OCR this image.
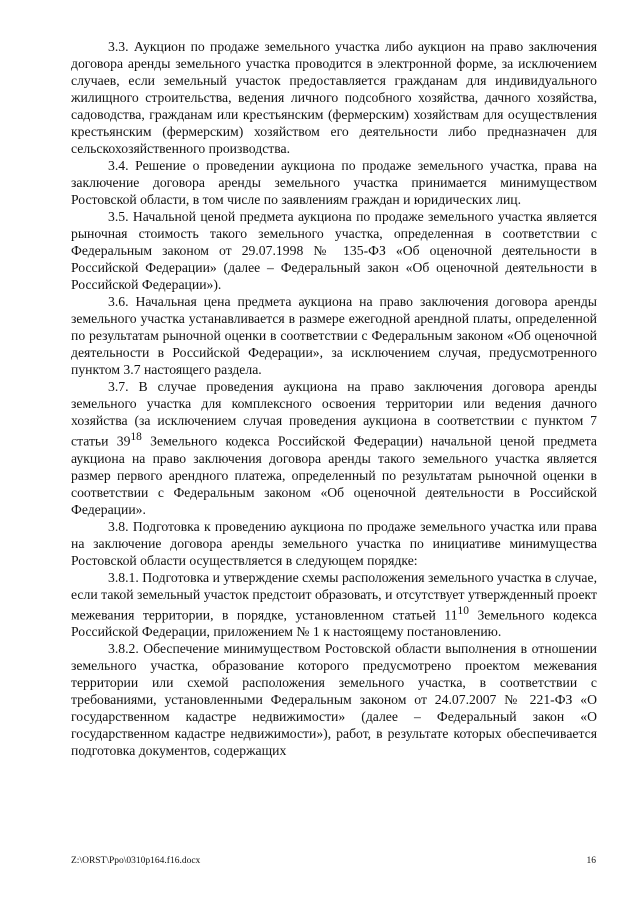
3.3. Аукцион по продаже земельного участка либо аукцион на право заключения договора аренды земельного участка проводится в электронной форме, за исключением случаев, если земельный участок предоставляется гражданам для индивидуального жилищного строительства, ведения личного подсобного хозяйства, дачного хозяйства, садоводства, гражданам или крестьянским (фермерским) хозяйствам для осуществления крестьянским (фермерским) хозяйством его деятельности либо предназначен для сельскохозяйственного производства.

3.4. Решение о проведении аукциона по продаже земельного участка, права на заключение договора аренды земельного участка принимается минимуществом Ростовской области, в том числе по заявлениям граждан и юридических лиц.

3.5. Начальной ценой предмета аукциона по продаже земельного участка является рыночная стоимость такого земельного участка, определенная в соответствии с Федеральным законом от 29.07.1998 № 135-ФЗ «Об оценочной деятельности в Российской Федерации» (далее – Федеральный закон «Об оценочной деятельности в Российской Федерации»).

3.6. Начальная цена предмета аукциона на право заключения договора аренды земельного участка устанавливается в размере ежегодной арендной платы, определенной по результатам рыночной оценки в соответствии с Федеральным законом «Об оценочной деятельности в Российской Федерации», за исключением случая, предусмотренного пунктом 3.7 настоящего раздела.

3.7. В случае проведения аукциона на право заключения договора аренды земельного участка для комплексного освоения территории или ведения дачного хозяйства (за исключением случая проведения аукциона в соответствии с пунктом 7 статьи $39^{18}$ Земельного кодекса Российской Федерации) начальной ценой предмета аукциона на право заключения договора аренды такого земельного участка является размер первого арендного платежа, определенный по результатам рыночной оценки в соответствии с Федеральным законом «Об оценочной деятельности в Российской Федерации».

3.8. Подготовка к проведению аукциона по продаже земельного участка или права на заключение договора аренды земельного участка по инициативе минимущества Ростовской области осуществляется в следующем порядке:

3.8.1. Подготовка и утверждение схемы расположения земельного участка в случае, если такой земельный участок предстоит образовать, и отсутствует утвержденный проект межевания территории, в порядке, установленном статьей $11^{10}$ Земельного кодекса Российской Федерации, приложением № 1 к настоящему постановлению.

3.8.2. Обеспечение минимуществом Ростовской области выполнения в отношении земельного участка, образование которого предусмотрено проектом межевания территории или схемой расположения земельного участка, в соответствии с требованиями, установленными Федеральным законом от 24.07.2007 № 221-ФЗ «О государственном кадастре недвижимости» (далее – Федеральный закон «О государственном кадастре недвижимости»), работ, в результате которых обеспечивается подготовка документов, содержащих

Z:\ORST\Ppo\0310p164.f16.docx	16
